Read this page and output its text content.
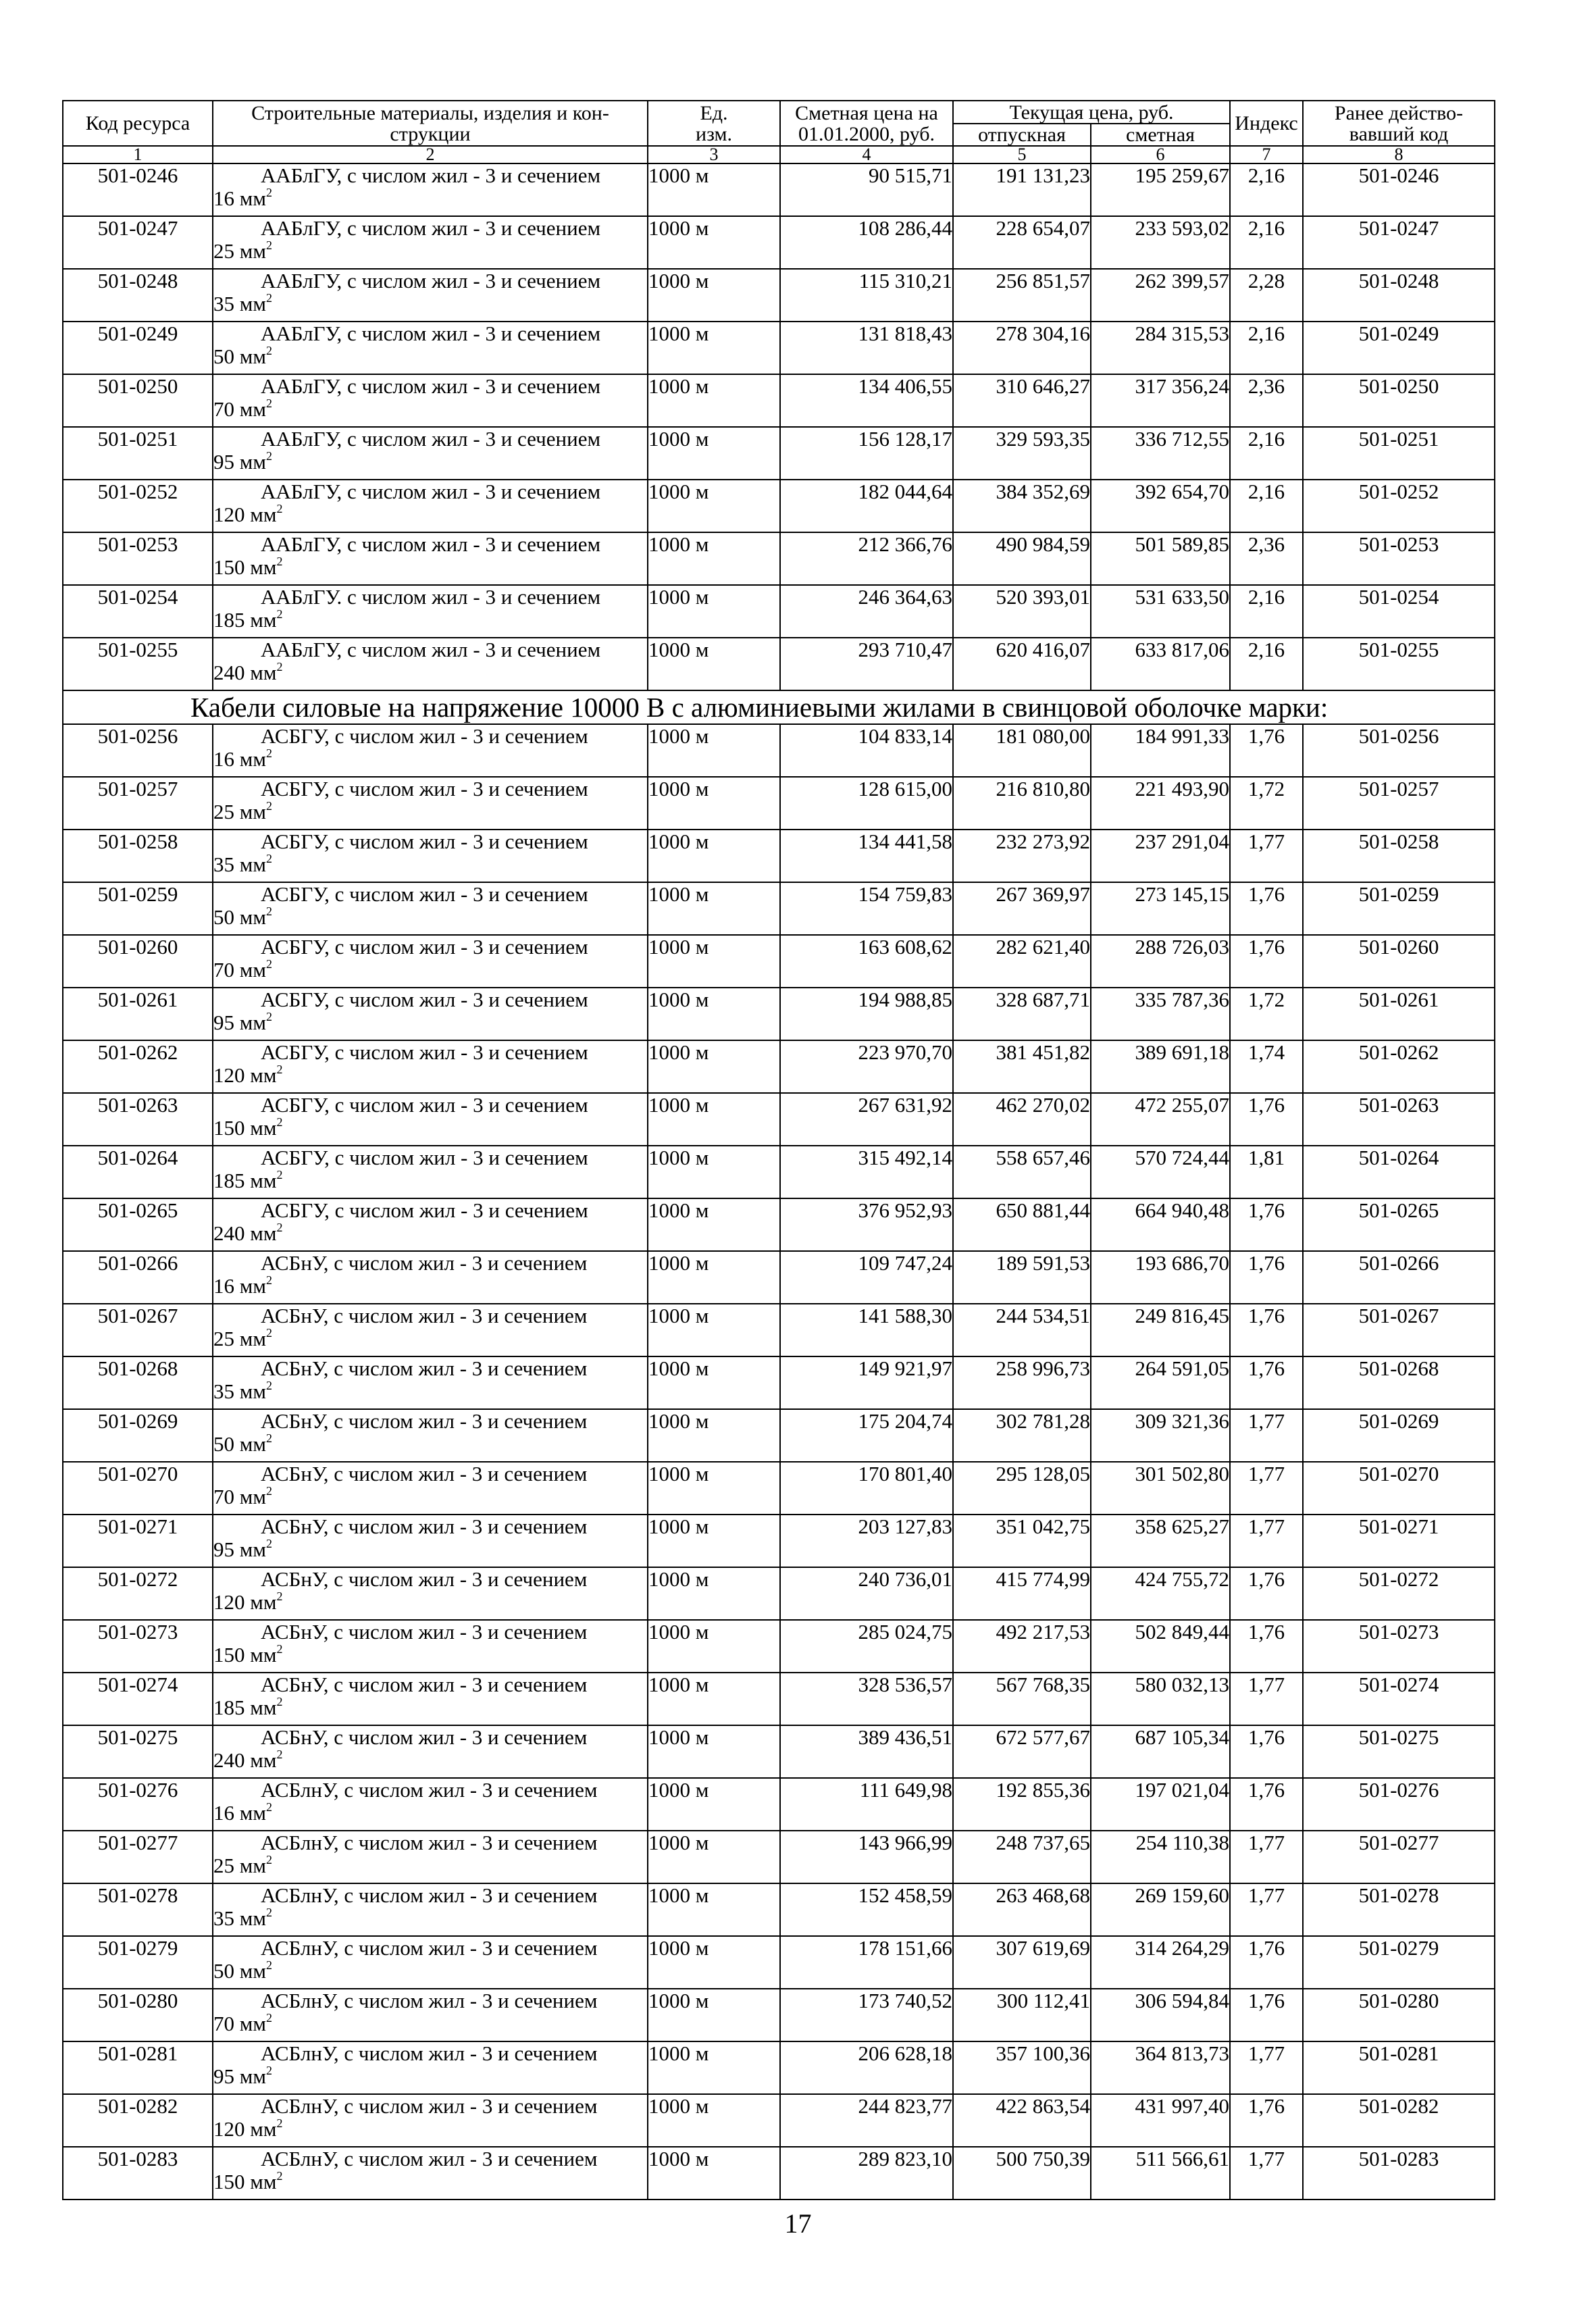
Код ресурса	Строительные материалы, изделия и кон-
струкции	Ед.
изм.	Сметная цена на
01.01.2000, руб.	Текущая цена, руб.		Индекс	Ранее действо-
вавший код
				отпускная	сметная		
1	2	3	4	5	6	7	8
501-0246	ААБлГУ, с числом жил - 3 и сечением
16 $мм^2$	1000 м	90 515,71	191 131,23	195 259,67	2,16	501-0246
501-0247	ААБлГУ, с числом жил - 3 и сечением
25 $мм^2$	1000 м	108 286,44	228 654,07	233 593,02	2,16	501-0247
501-0248	ААБлГУ, с числом жил - 3 и сечением
35 $мм^2$	1000 м	115 310,21	256 851,57	262 399,57	2,28	501-0248
501-0249	ААБлГУ, с числом жил - 3 и сечением
50 $мм^2$	1000 м	131 818,43	278 304,16	284 315,53	2,16	501-0249
501-0250	ААБлГУ, с числом жил - 3 и сечением
70 $мм^2$	1000 м	134 406,55	310 646,27	317 356,24	2,36	501-0250
501-0251	ААБлГУ, с числом жил - 3 и сечением
95 $мм^2$	1000 м	156 128,17	329 593,35	336 712,55	2,16	501-0251
501-0252	ААБлГУ, с числом жил - 3 и сечением
120 $мм^2$	1000 м	182 044,64	384 352,69	392 654,70	2,16	501-0252
501-0253	ААБлГУ, с числом жил - 3 и сечением
150 $мм^2$	1000 м	212 366,76	490 984,59	501 589,85	2,36	501-0253
501-0254	ААБлГУ. с числом жил - 3 и сечением
185 $мм^2$	1000 м	246 364,63	520 393,01	531 633,50	2,16	501-0254
501-0255	ААБлГУ, с числом жил - 3 и сечением
240 $мм^2$	1000 м	293 710,47	620 416,07	633 817,06	2,16	501-0255
Кабели силовые на напряжение 10000 В с алюминиевыми жилами в свинцовой оболочке марки:							
501-0256	АСБГУ, с числом жил - 3 и сечением
16 $мм^2$	1000 м	104 833,14	181 080,00	184 991,33	1,76	501-0256
501-0257	АСБГУ, с числом жил - 3 и сечением
25 $мм^2$	1000 м	128 615,00	216 810,80	221 493,90	1,72	501-0257
501-0258	АСБГУ, с числом жил - 3 и сечением
35 $мм^2$	1000 м	134 441,58	232 273,92	237 291,04	1,77	501-0258
501-0259	АСБГУ, с числом жил - 3 и сечением
50 $мм^2$	1000 м	154 759,83	267 369,97	273 145,15	1,76	501-0259
501-0260	АСБГУ, с числом жил - 3 и сечением
70 $мм^2$	1000 м	163 608,62	282 621,40	288 726,03	1,76	501-0260
501-0261	АСБГУ, с числом жил - 3 и сечением
95 $мм^2$	1000 м	194 988,85	328 687,71	335 787,36	1,72	501-0261
501-0262	АСБГУ, с числом жил - 3 и сечением
120 $мм^2$	1000 м	223 970,70	381 451,82	389 691,18	1,74	501-0262
501-0263	АСБГУ, с числом жил - 3 и сечением
150 $мм^2$	1000 м	267 631,92	462 270,02	472 255,07	1,76	501-0263
501-0264	АСБГУ, с числом жил - 3 и сечением
185 $мм^2$	1000 м	315 492,14	558 657,46	570 724,44	1,81	501-0264
501-0265	АСБГУ, с числом жил - 3 и сечением
240 $мм^2$	1000 м	376 952,93	650 881,44	664 940,48	1,76	501-0265
501-0266	АСБнУ, с числом жил - 3 и сечением
16 $мм^2$	1000 м	109 747,24	189 591,53	193 686,70	1,76	501-0266
501-0267	АСБнУ, с числом жил - 3 и сечением
25 $мм^2$	1000 м	141 588,30	244 534,51	249 816,45	1,76	501-0267
501-0268	АСБнУ, с числом жил - 3 и сечением
35 $мм^2$	1000 м	149 921,97	258 996,73	264 591,05	1,76	501-0268
501-0269	АСБнУ, с числом жил - 3 и сечением
50 $мм^2$	1000 м	175 204,74	302 781,28	309 321,36	1,77	501-0269
501-0270	АСБнУ, с числом жил - 3 и сечением
70 $мм^2$	1000 м	170 801,40	295 128,05	301 502,80	1,77	501-0270
501-0271	АСБнУ, с числом жил - 3 и сечением
95 $мм^2$	1000 м	203 127,83	351 042,75	358 625,27	1,77	501-0271
501-0272	АСБнУ, с числом жил - 3 и сечением
120 $мм^2$	1000 м	240 736,01	415 774,99	424 755,72	1,76	501-0272
501-0273	АСБнУ, с числом жил - 3 и сечением
150 $мм^2$	1000 м	285 024,75	492 217,53	502 849,44	1,76	501-0273
501-0274	АСБнУ, с числом жил - 3 и сечением
185 $мм^2$	1000 м	328 536,57	567 768,35	580 032,13	1,77	501-0274
501-0275	АСБнУ, с числом жил - 3 и сечением
240 $мм^2$	1000 м	389 436,51	672 577,67	687 105,34	1,76	501-0275
501-0276	АСБлнУ, с числом жил - 3 и сечением
16 $мм^2$	1000 м	111 649,98	192 855,36	197 021,04	1,76	501-0276
501-0277	АСБлнУ, с числом жил - 3 и сечением
25 $мм^2$	1000 м	143 966,99	248 737,65	254 110,38	1,77	501-0277
501-0278	АСБлнУ, с числом жил - 3 и сечением
35 $мм^2$	1000 м	152 458,59	263 468,68	269 159,60	1,77	501-0278
501-0279	АСБлнУ, с числом жил - 3 и сечением
50 $мм^2$	1000 м	178 151,66	307 619,69	314 264,29	1,76	501-0279
501-0280	АСБлнУ, с числом жил - 3 и сечением
70 $мм^2$	1000 м	173 740,52	300 112,41	306 594,84	1,76	501-0280
501-0281	АСБлнУ, с числом жил - 3 и сечением
95 $мм^2$	1000 м	206 628,18	357 100,36	364 813,73	1,77	501-0281
501-0282	АСБлнУ, с числом жил - 3 и сечением
120 $мм^2$	1000 м	244 823,77	422 863,54	431 997,40	1,76	501-0282
501-0283	АСБлнУ, с числом жил - 3 и сечением
150 $мм^2$	1000 м	289 823,10	500 750,39	511 566,61	1,77	501-0283
17
